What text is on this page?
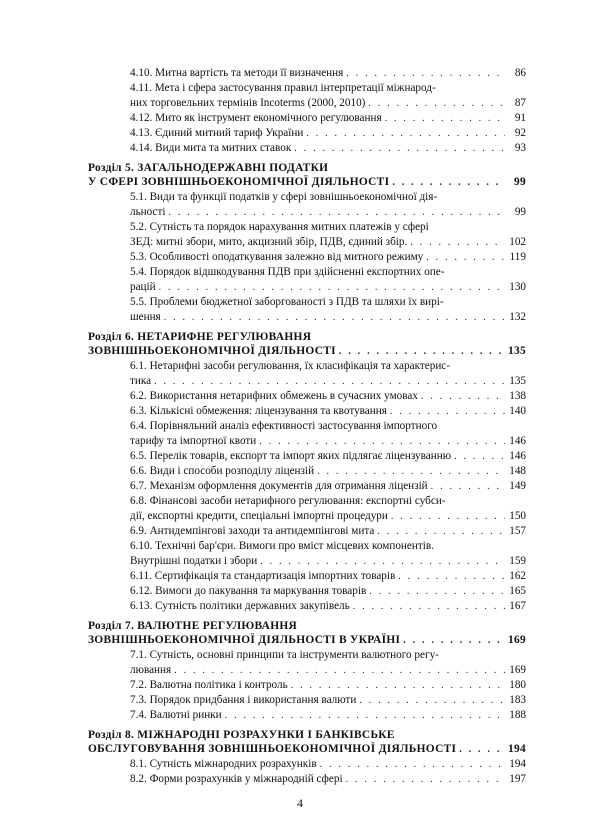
4.10. Митна вартість та методи її визначення . . .	86
4.11. Мета і сфера застосування правил інтерпретації міжнарод-
них торговельних термінів Incoterms (2000, 2010) . . .	87
4.12. Мито як інструмент економічного регулювання . . .	91
4.13. Єдиний митний тариф України . . .	92
4.14. Види мита та митних ставок . . .	93
Розділ 5. ЗАГАЛЬНОДЕРЖАВНІ ПОДАТКИ
У СФЕРІ ЗОВНІШНЬОЕКОНОМІЧНОЇ ДІЯЛЬНОСТІ . . .	99
5.1. Види та функції податків у сфері зовнішньоекономічної дія-
льності . . .	99
5.2. Сутність та порядок нарахування митних платежів у сфері
ЗЕД: митні збори, мито, акцизний збір, ПДВ, єдиний збір. . . .	102
5.3. Особливості оподаткування залежно від митного режиму . . .	119
5.4. Порядок відшкодування ПДВ при здійсненні експортних опе-
рацій . . .	130
5.5. Проблеми бюджетної заборгованості з ПДВ та шляхи їх вирі-
шення . . .	132
Розділ 6. НЕТАРИФНЕ РЕГУЛЮВАННЯ
ЗОВНІШНЬОЕКОНОМІЧНОЇ ДІЯЛЬНОСТІ . . .	135
6.1. Нетарифні засоби регулювання, їх класифікація та характерис-
тика . . .	135
6.2. Використання нетарифних обмежень в сучасних умовах . . .	138
6.3. Кількісні обмеження: ліцензування та квотування . . .	140
6.4. Порівняльний аналіз ефективності застосування імпортного
тарифу та імпортної квоти . . .	146
6.5. Перелік товарів, експорт та імпорт яких підлягає ліцензуванню . . .	146
6.6. Види і способи розподілу ліцензій . . .	148
6.7. Механізм оформлення документів для отримання ліцензій . . .	149
6.8. Фінансові засоби нетарифного регулювання: експортні субси-
дії, експортні кредити, спеціальні імпортні процедури . . .	150
6.9. Антидемпінгові заходи та антидемпінгові мита . . .	157
6.10. Технічні бар'єри. Вимоги про вміст місцевих компонентів.
Внутрішні податки і збори . . .	159
6.11. Сертифікація та стандартизація імпортних товарів . . .	162
6.12. Вимоги до пакування та маркування товарів . . .	165
6.13. Сутність політики державних закупівель . . .	167
Розділ 7. ВАЛЮТНЕ РЕГУЛЮВАННЯ
ЗОВНІШНЬОЕКОНОМІЧНОЇ ДІЯЛЬНОСТІ В УКРАЇНІ . . .	169
7.1. Сутність, основні принципи та інструменти валютного регу-
лювання . . .	169
7.2. Валютна політика і контроль . . .	180
7.3. Порядок придбання і використання валюти . . .	183
7.4. Валютні ринки . . .	188
Розділ 8. МІЖНАРОДНІ РОЗРАХУНКИ І БАНКІВСЬКЕ
ОБСЛУГОВУВАННЯ ЗОВНІШНЬОЕКОНОМІЧНОЇ ДІЯЛЬНОСТІ . . .	194
8.1. Сутність міжнародних розрахунків . . .	194
8.2. Форми розрахунків у міжнародній сфері . . .	197
4
